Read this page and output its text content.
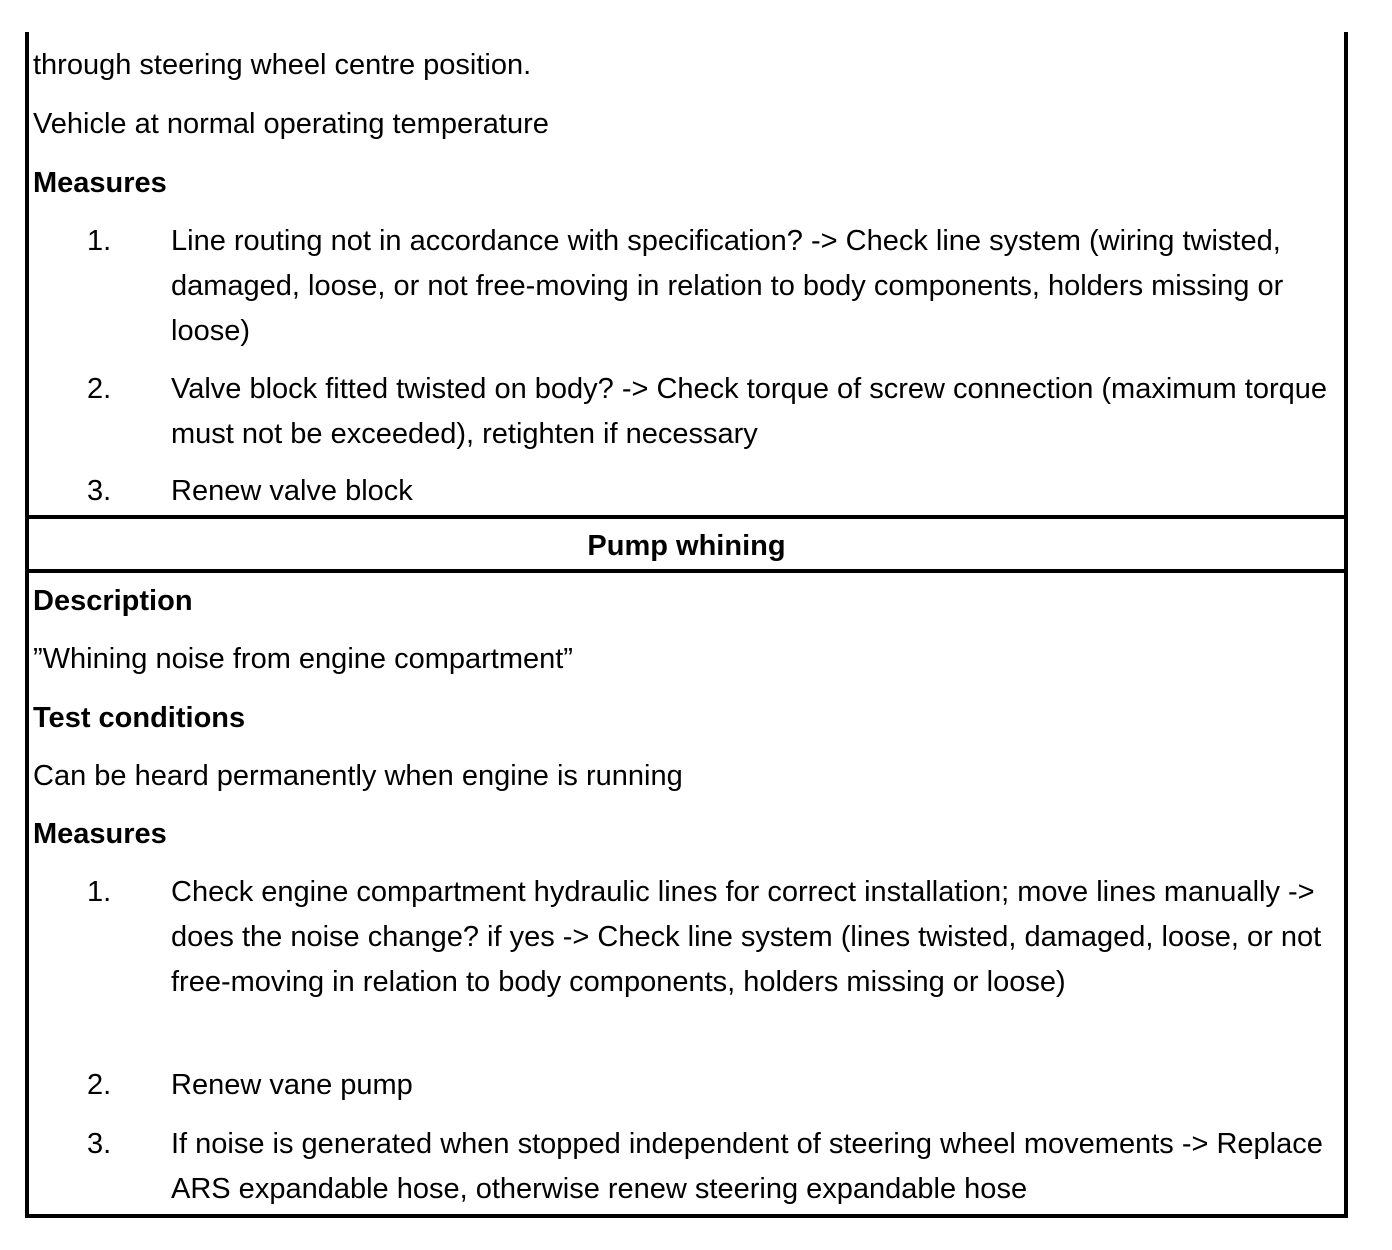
through steering wheel centre position.
Vehicle at normal operating temperature
Measures
1. Line routing not in accordance with specification? -> Check line system (wiring twisted, damaged, loose, or not free-moving in relation to body components, holders missing or loose)
2. Valve block fitted twisted on body? -> Check torque of screw connection (maximum torque must not be exceeded), retighten if necessary
3. Renew valve block
Pump whining
Description
”Whining noise from engine compartment”
Test conditions
Can be heard permanently when engine is running
Measures
1. Check engine compartment hydraulic lines for correct installation; move lines manually -> does the noise change? if yes -> Check line system (lines twisted, damaged, loose, or not free-moving in relation to body components, holders missing or loose)
2. Renew vane pump
3. If noise is generated when stopped independent of steering wheel movements -> Replace ARS expandable hose, otherwise renew steering expandable hose
